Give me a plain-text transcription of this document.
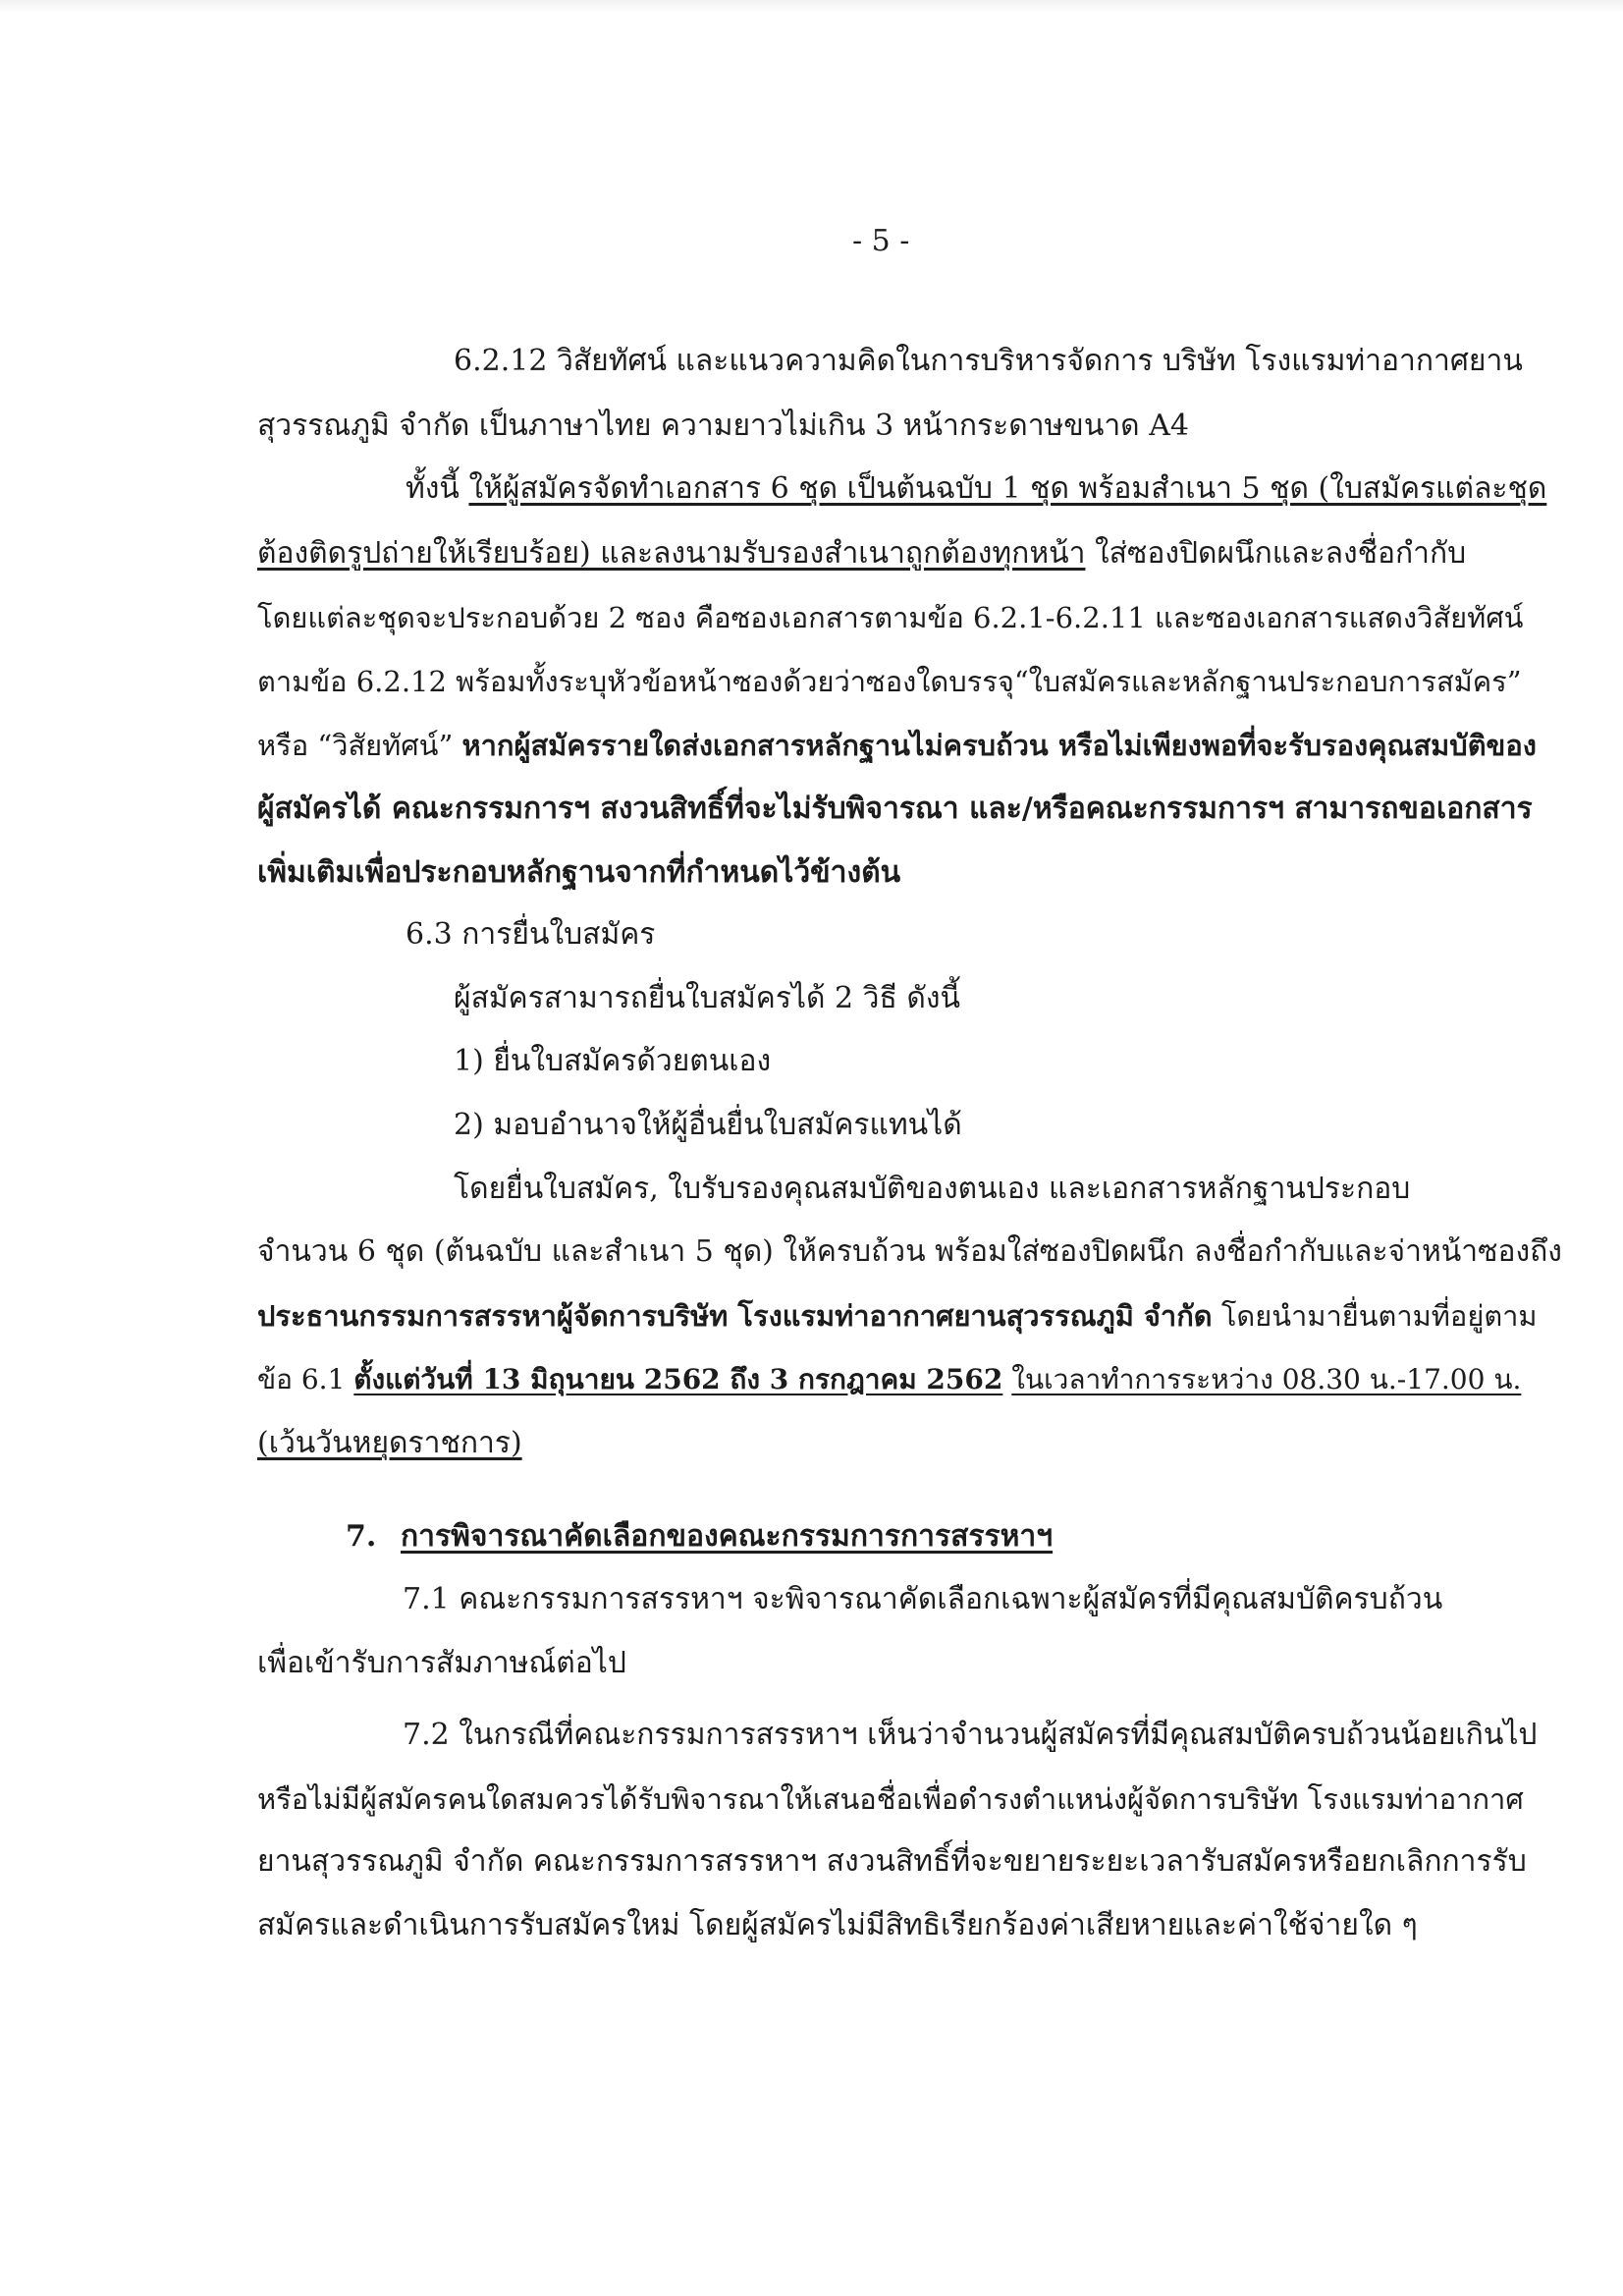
- 5 -
6.2.12 วิสัยทัศน์ และแนวความคิดในการบริหารจัดการ บริษัท โรงแรมท่าอากาศยาน
สุวรรณภูมิ จำกัด เป็นภาษาไทย ความยาวไม่เกิน 3 หน้ากระดาษขนาด A4
ทั้งนี้ ให้ผู้สมัครจัดทำเอกสาร 6 ชุด เป็นต้นฉบับ 1 ชุด พร้อมสำเนา 5 ชุด (ใบสมัครแต่ละชุด
ต้องติดรูปถ่ายให้เรียบร้อย) และลงนามรับรองสำเนาถูกต้องทุกหน้า ใส่ซองปิดผนึกและลงชื่อกำกับ
โดยแต่ละชุดจะประกอบด้วย 2 ซอง คือซองเอกสารตามข้อ 6.2.1-6.2.11 และซองเอกสารแสดงวิสัยทัศน์
ตามข้อ 6.2.12 พร้อมทั้งระบุหัวข้อหน้าซองด้วยว่าซองใดบรรจุ“ใบสมัครและหลักฐานประกอบการสมัคร”
หรือ “วิสัยทัศน์” หากผู้สมัครรายใดส่งเอกสารหลักฐานไม่ครบถ้วน หรือไม่เพียงพอที่จะรับรองคุณสมบัติของ
ผู้สมัครได้ คณะกรรมการฯ สงวนสิทธิ์ที่จะไม่รับพิจารณา และ/หรือคณะกรรมการฯ สามารถขอเอกสาร
เพิ่มเติมเพื่อประกอบหลักฐานจากที่กำหนดไว้ข้างต้น
6.3 การยื่นใบสมัคร
ผู้สมัครสามารถยื่นใบสมัครได้ 2 วิธี ดังนี้
1) ยื่นใบสมัครด้วยตนเอง
2) มอบอำนาจให้ผู้อื่นยื่นใบสมัครแทนได้
โดยยื่นใบสมัคร, ใบรับรองคุณสมบัติของตนเอง และเอกสารหลักฐานประกอบ
จำนวน 6 ชุด (ต้นฉบับ และสำเนา 5 ชุด) ให้ครบถ้วน พร้อมใส่ซองปิดผนึก ลงชื่อกำกับและจ่าหน้าซองถึง
ประธานกรรมการสรรหาผู้จัดการบริษัท โรงแรมท่าอากาศยานสุวรรณภูมิ จำกัด โดยนำมายื่นตามที่อยู่ตาม
ข้อ 6.1 ตั้งแต่วันที่ 13 มิถุนายน 2562 ถึง 3 กรกฎาคม 2562 ในเวลาทำการระหว่าง 08.30 น.-17.00 น.
(เว้นวันหยุดราชการ)
7. การพิจารณาคัดเลือกของคณะกรรมการการสรรหาฯ
7.1 คณะกรรมการสรรหาฯ จะพิจารณาคัดเลือกเฉพาะผู้สมัครที่มีคุณสมบัติครบถ้วน
เพื่อเข้ารับการสัมภาษณ์ต่อไป
7.2 ในกรณีที่คณะกรรมการสรรหาฯ เห็นว่าจำนวนผู้สมัครที่มีคุณสมบัติครบถ้วนน้อยเกินไป
หรือไม่มีผู้สมัครคนใดสมควรได้รับพิจารณาให้เสนอชื่อเพื่อดำรงตำแหน่งผู้จัดการบริษัท โรงแรมท่าอากาศ
ยานสุวรรณภูมิ จำกัด คณะกรรมการสรรหาฯ สงวนสิทธิ์ที่จะขยายระยะเวลารับสมัครหรือยกเลิกการรับ
สมัครและดำเนินการรับสมัครใหม่ โดยผู้สมัครไม่มีสิทธิเรียกร้องค่าเสียหายและค่าใช้จ่ายใด ๆ
